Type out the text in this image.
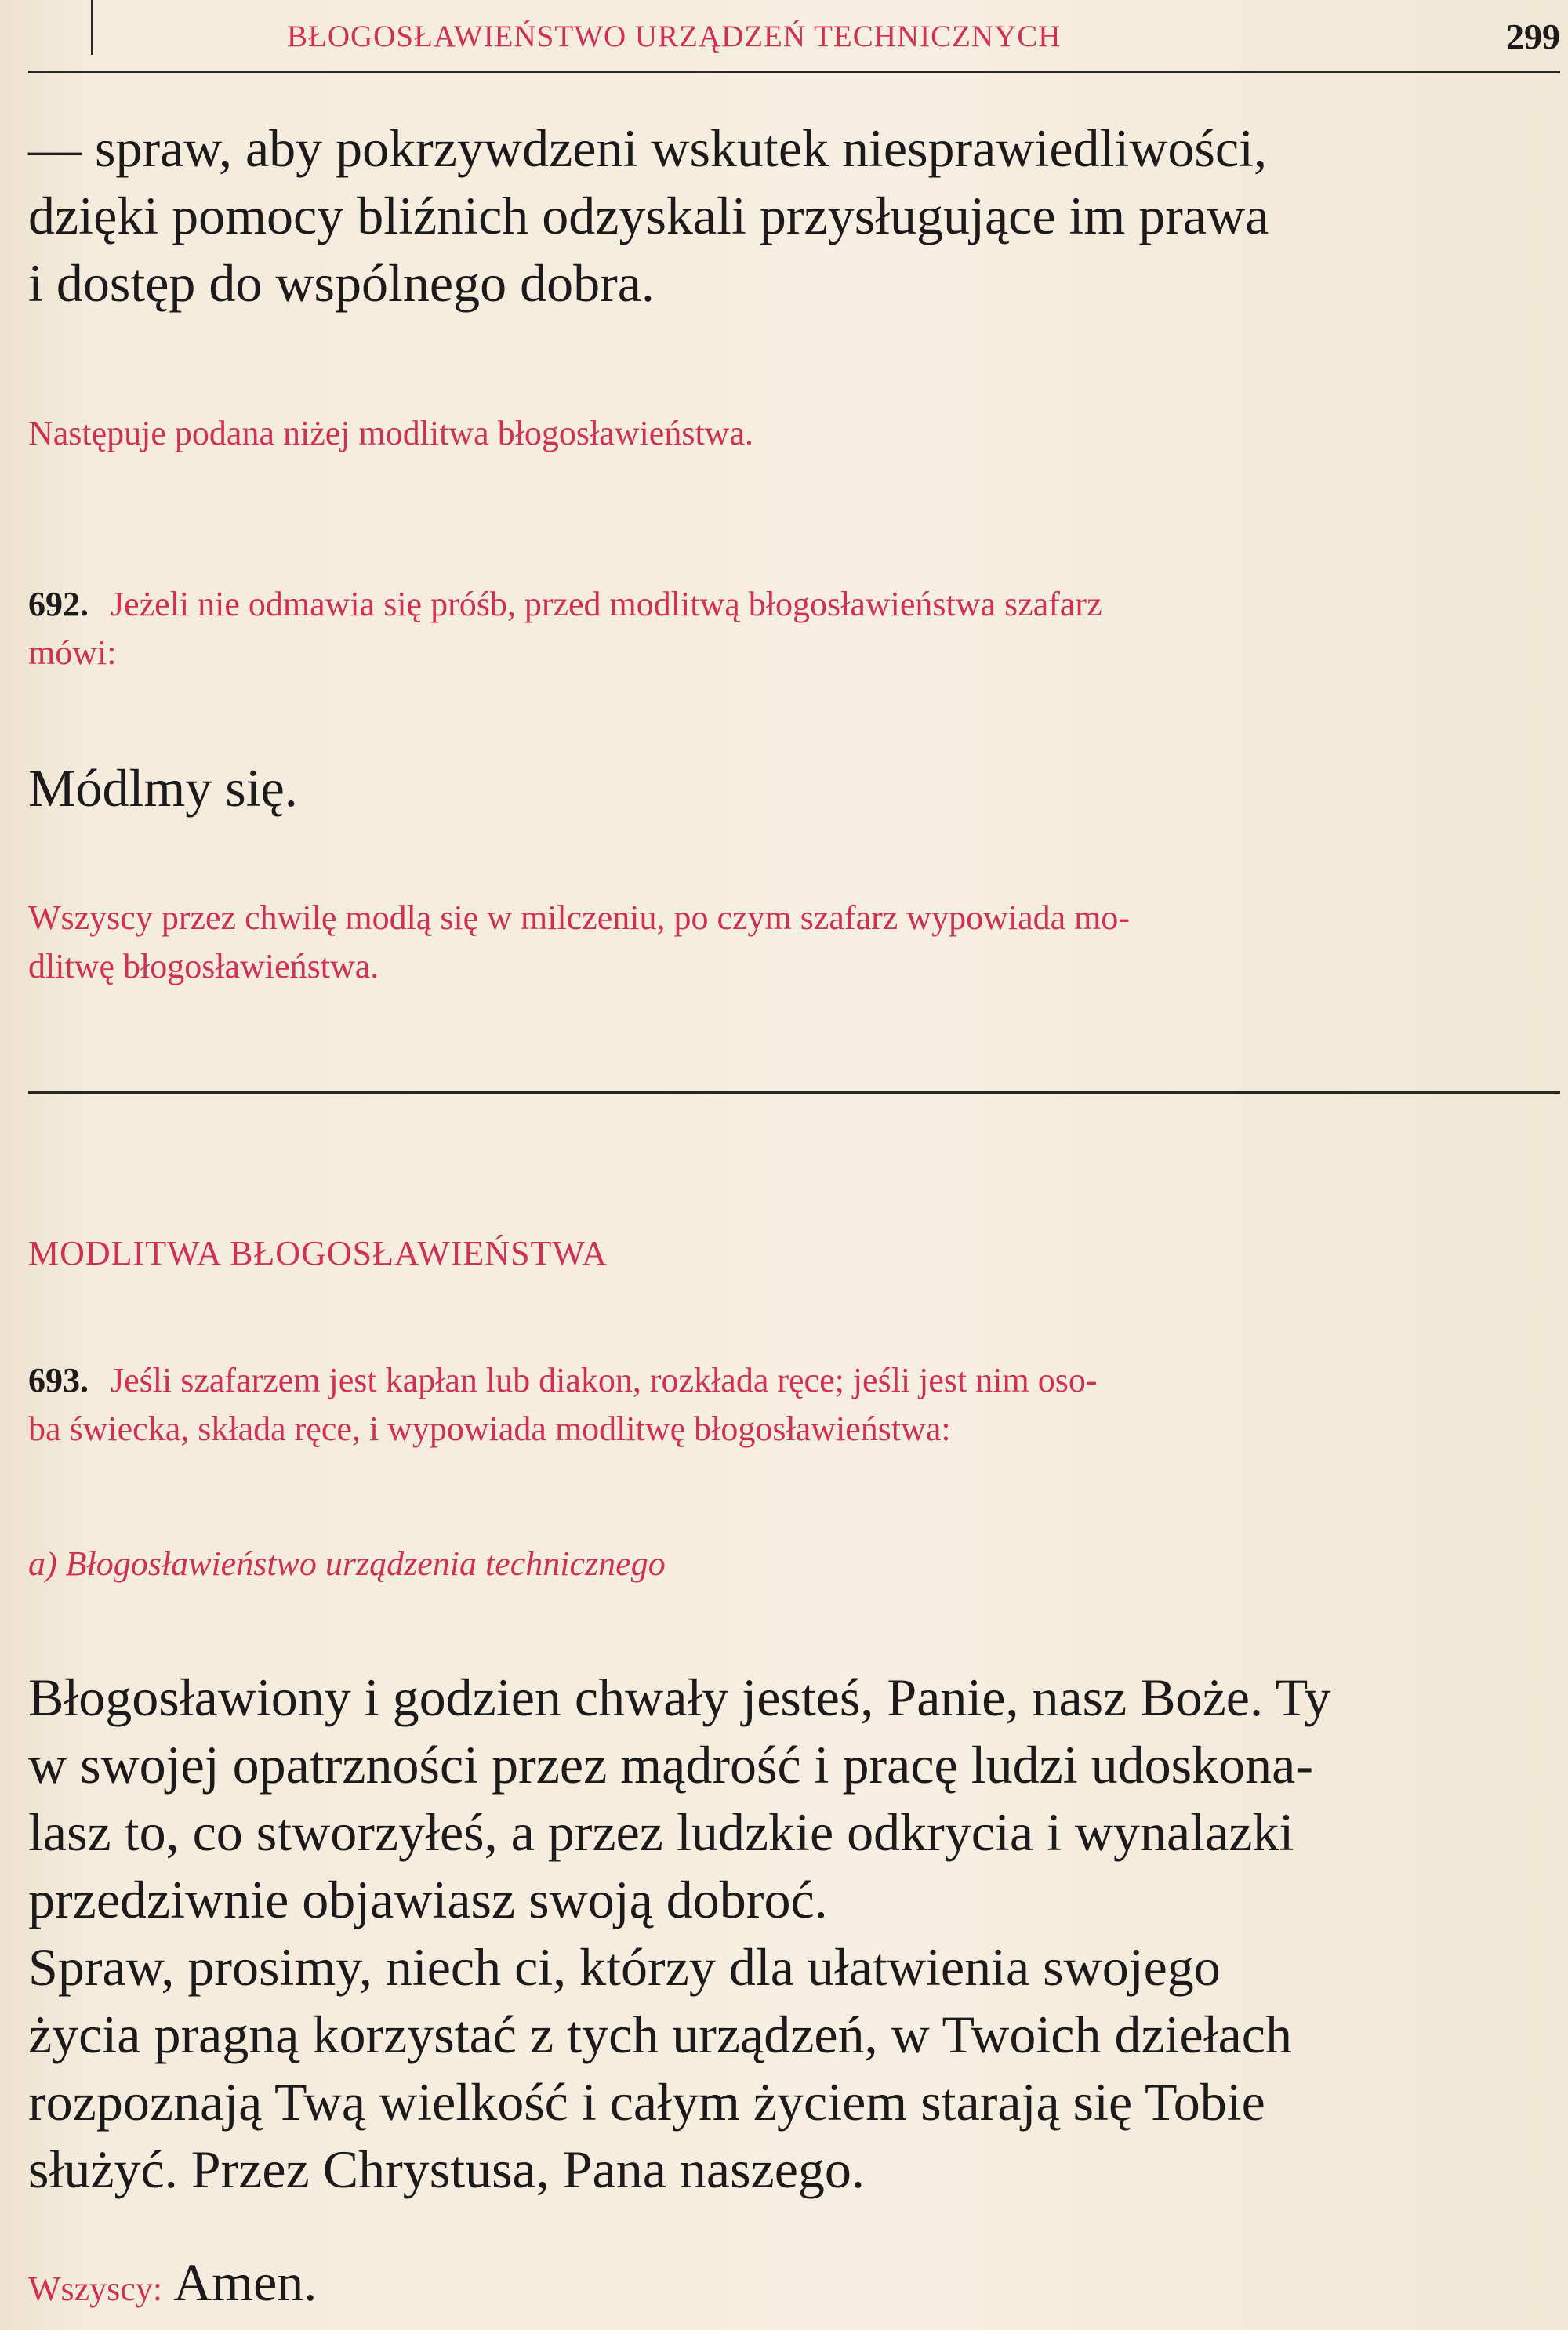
BŁOGOSŁAWIEŃSTWO URZĄDZEŃ TECHNICZNYCH	299
— spraw, aby pokrzywdzeni wskutek niesprawiedliwości,
dzięki pomocy bliźnich odzyskali przysługujące im prawa
i dostęp do wspólnego dobra.
Następuje podana niżej modlitwa błogosławieństwa.
692. Jeżeli nie odmawia się próśb, przed modlitwą błogosławieństwa szafarz
mówi:
Módlmy się.
Wszyscy przez chwilę modlą się w milczeniu, po czym szafarz wypowiada mo-
dlitwę błogosławieństwa.
MODLITWA BŁOGOSŁAWIEŃSTWA
693. Jeśli szafarzem jest kapłan lub diakon, rozkłada ręce; jeśli jest nim oso-
ba świecka, składa ręce, i wypowiada modlitwę błogosławieństwa:
a) Błogosławieństwo urządzenia technicznego
Błogosławiony i godzien chwały jesteś, Panie, nasz Boże. Ty
w swojej opatrzności przez mądrość i pracę ludzi udoskona-
lasz to, co stworzyłeś, a przez ludzkie odkrycia i wynalazki
przedziwnie objawiasz swoją dobroć.
Spraw, prosimy, niech ci, którzy dla ułatwienia swojego
życia pragną korzystać z tych urządzeń, w Twoich dziełach
rozpoznają Twą wielkość i całym życiem starają się Tobie
służyć. Przez Chrystusa, Pana naszego.
Wszyscy: Amen.
